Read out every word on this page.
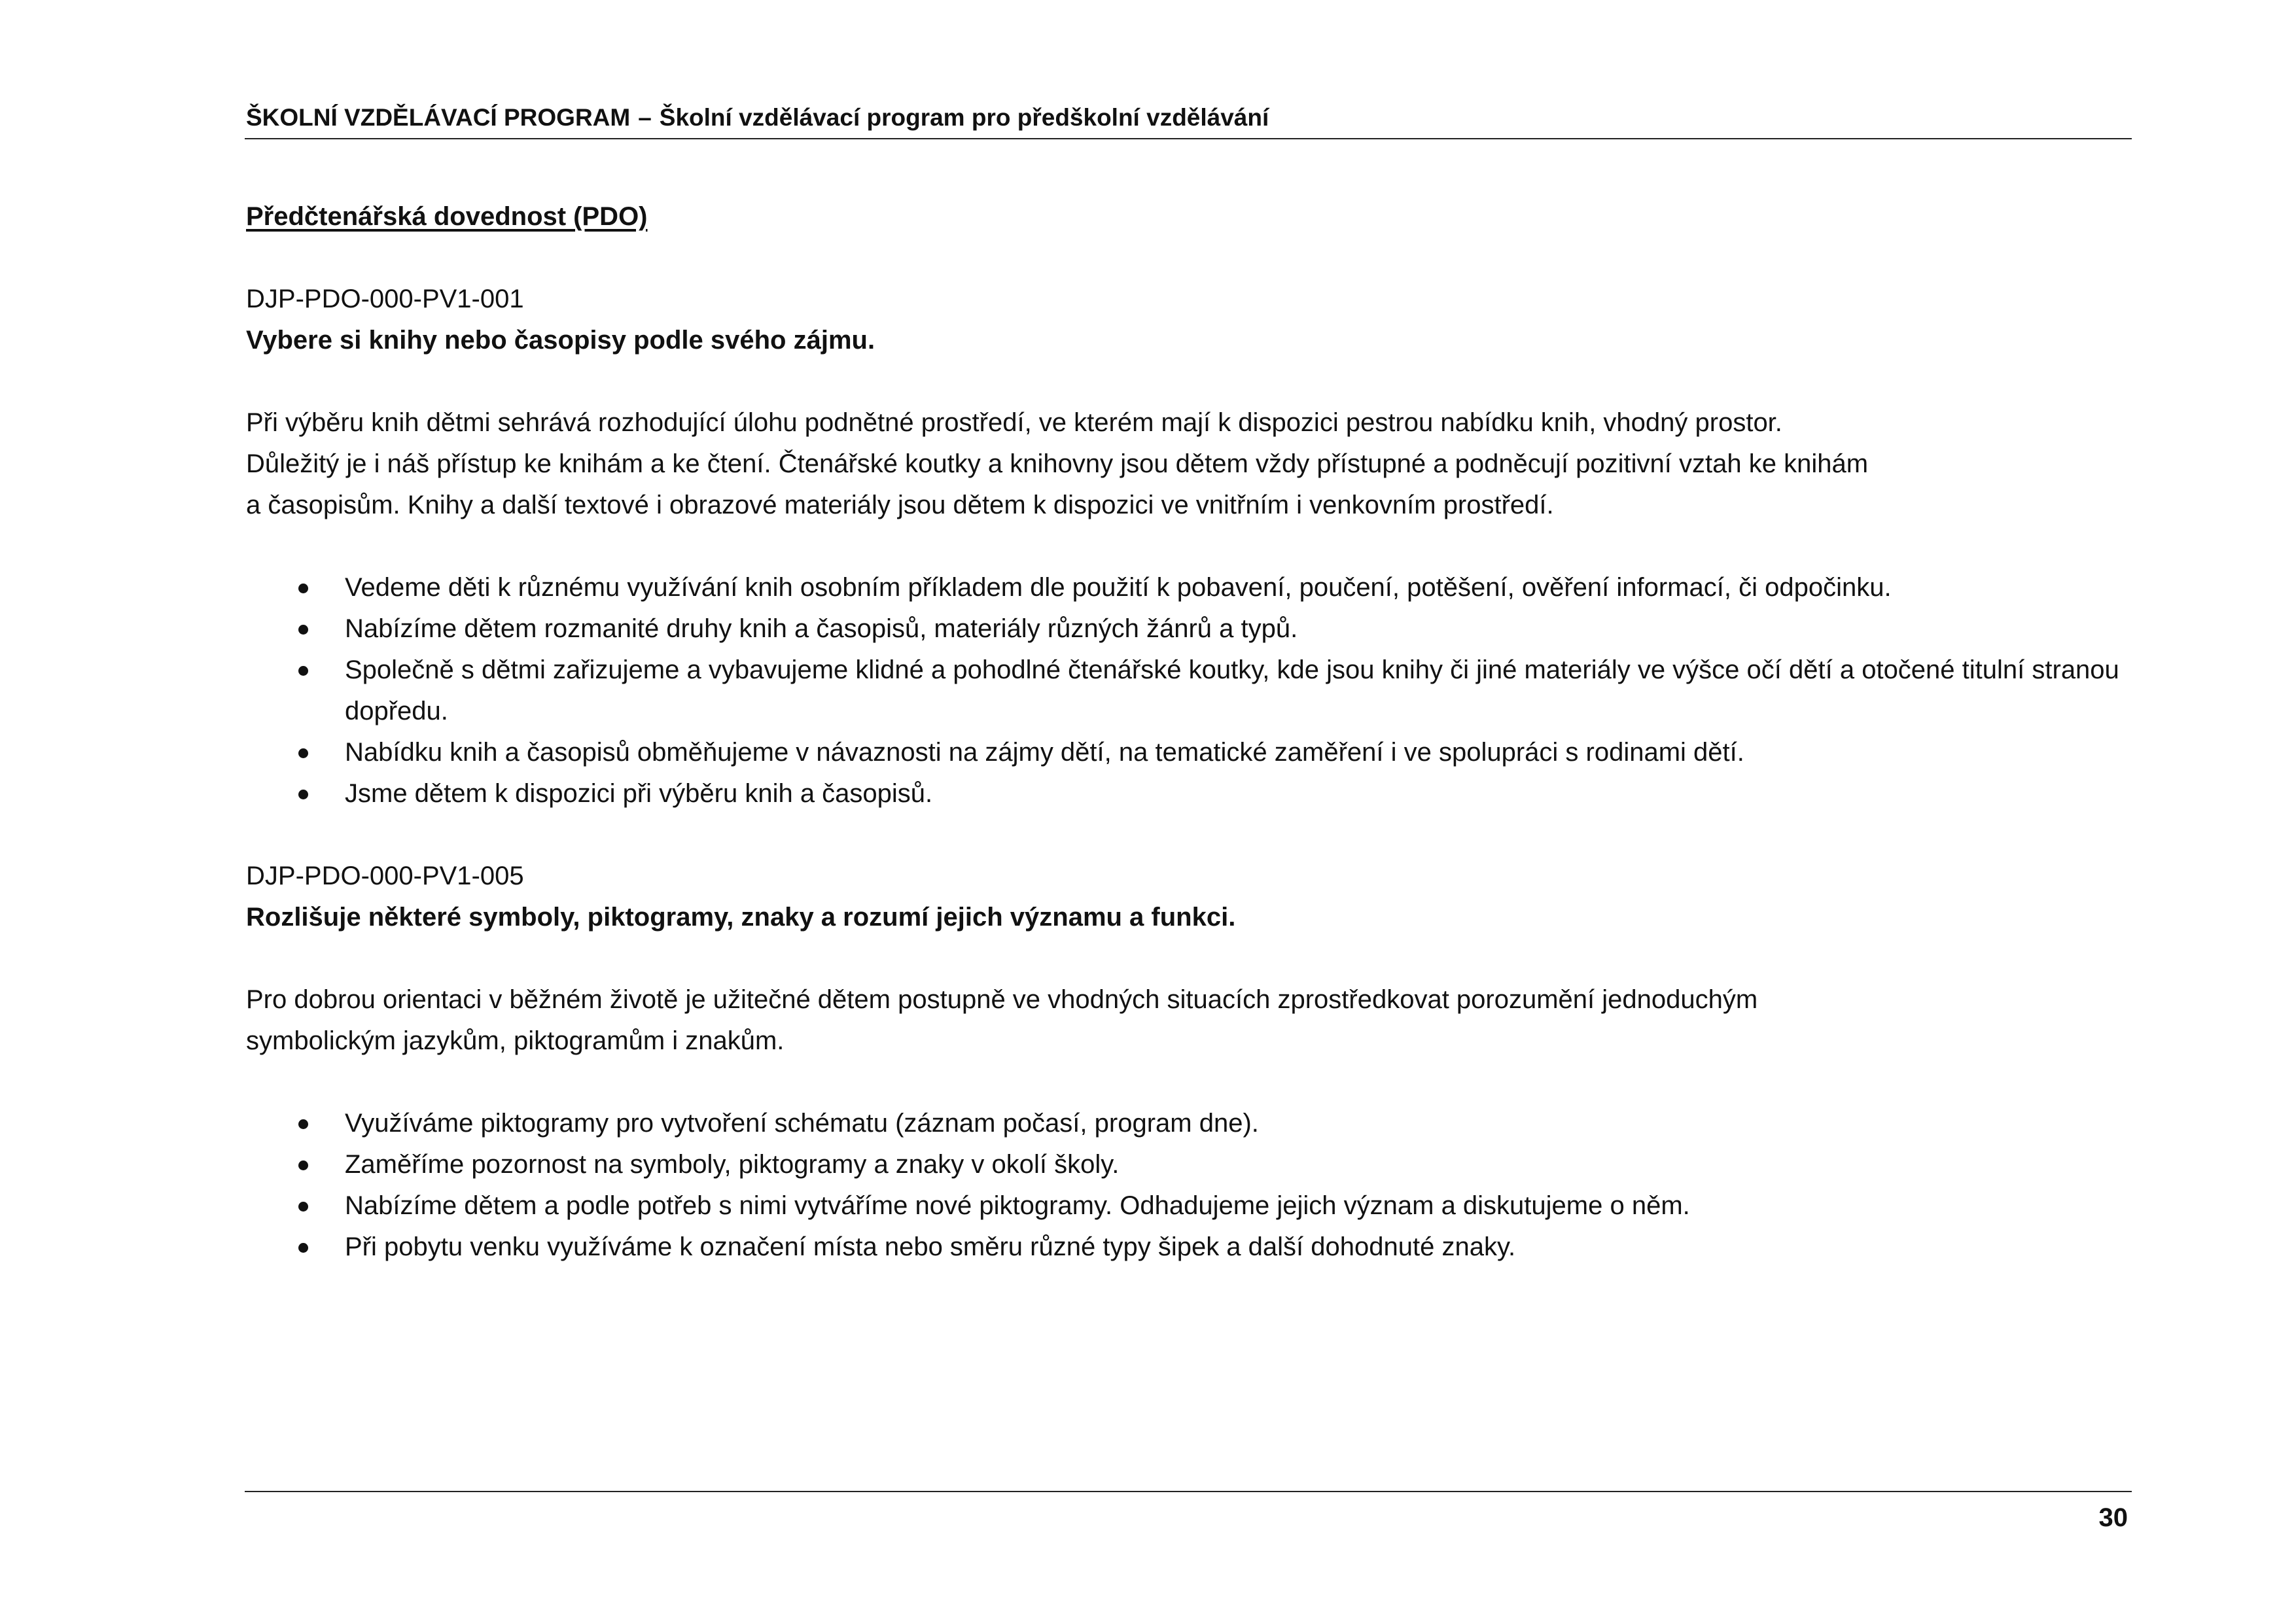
ŠKOLNÍ VZDĚLÁVACÍ PROGRAM – Školní vzdělávací program pro předškolní vzdělávání

Předčtenářská dovednost (PDO)

DJP-PDO-000-PV1-001

Vybere si knihy nebo časopisy podle svého zájmu.

Při výběru knih dětmi sehrává rozhodující úlohu podnětné prostředí, ve kterém mají k dispozici pestrou nabídku knih, vhodný prostor.
Důležitý je i náš přístup ke knihám a ke čtení. Čtenářské koutky a knihovny jsou dětem vždy přístupné a podněcují pozitivní vztah ke knihám
a časopisům. Knihy a další textové i obrazové materiály jsou dětem k dispozici ve vnitřním i venkovním prostředí.
Vedeme děti k různému využívání knih osobním příkladem dle použití k pobavení, poučení, potěšení, ověření informací, či odpočinku.
Nabízíme dětem rozmanité druhy knih a časopisů, materiály různých žánrů a typů.
Společně s dětmi zařizujeme a vybavujeme klidné a pohodlné čtenářské koutky, kde jsou knihy či jiné materiály ve výšce očí dětí a otočené titulní stranou dopředu.
Nabídku knih a časopisů obměňujeme v návaznosti na zájmy dětí, na tematické zaměření i ve spolupráci s rodinami dětí.
Jsme dětem k dispozici při výběru knih a časopisů.

DJP-PDO-000-PV1-005

Rozlišuje některé symboly, piktogramy, znaky a rozumí jejich významu a funkci.

Pro dobrou orientaci v běžném životě je užitečné dětem postupně ve vhodných situacích zprostředkovat porozumění jednoduchým
symbolickým jazykům, piktogramům i znakům.
Využíváme piktogramy pro vytvoření schématu (záznam počasí, program dne).
Zaměříme pozornost na symboly, piktogramy a znaky v okolí školy.
Nabízíme dětem a podle potřeb s nimi vytváříme nové piktogramy. Odhadujeme jejich význam a diskutujeme o něm.
Při pobytu venku využíváme k označení místa nebo směru různé typy šipek a další dohodnuté znaky.
30
